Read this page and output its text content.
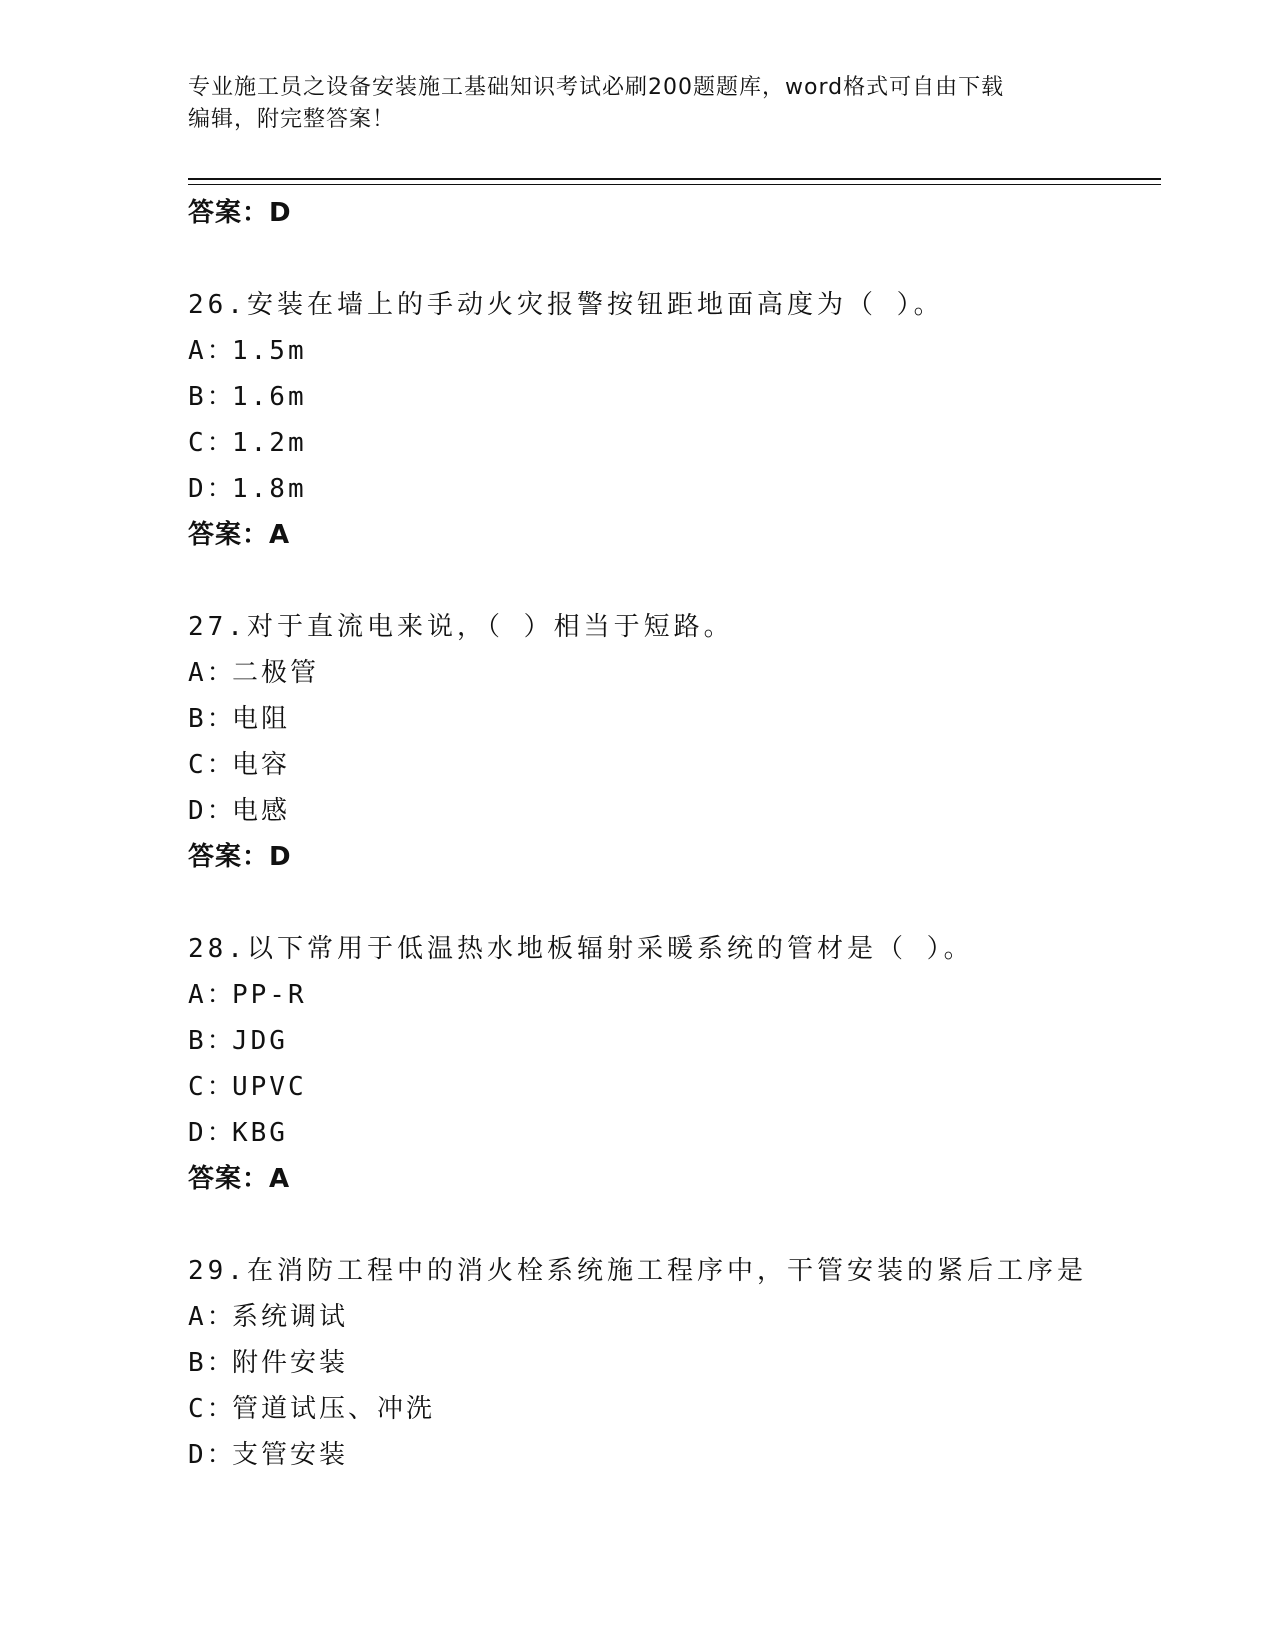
专业施工员之设备安装施工基础知识考试必刷200题题库，word格式可自由下载
编辑，附完整答案！
答案：D
26.安装在墙上的手动火灾报警按钮距地面高度为（ ）。
A：1.5m
B：1.6m
C：1.2m
D：1.8m
答案：A
27.对于直流电来说，（ ）相当于短路。
A：二极管
B：电阻
C：电容
D：电感
答案：D
28.以下常用于低温热水地板辐射采暖系统的管材是（ ）。
A：PP-R
B：JDG
C：UPVC
D：KBG
答案：A
29.在消防工程中的消火栓系统施工程序中，干管安装的紧后工序是
A：系统调试
B：附件安装
C：管道试压、冲洗
D：支管安装
